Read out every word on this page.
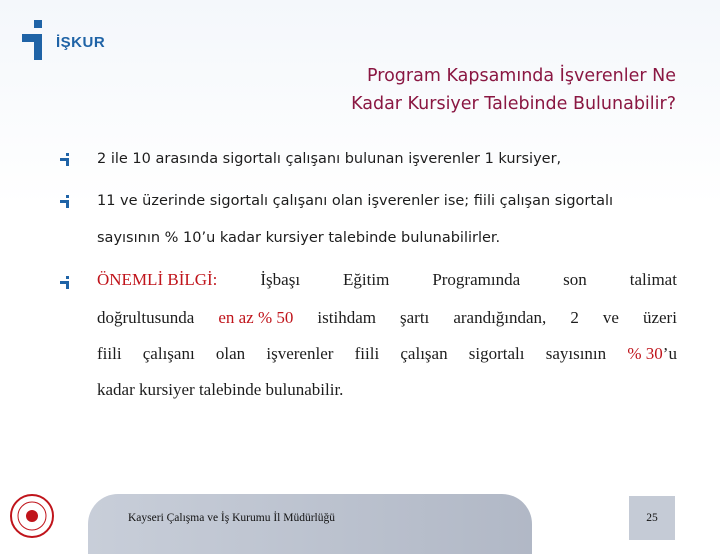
İŞKUR
Program Kapsamında İşverenler Ne
Kadar Kursiyer Talebinde Bulunabilir?
2 ile 10 arasında sigortalı çalışanı bulunan işverenler 1 kursiyer,
11 ve üzerinde sigortalı çalışanı olan işverenler ise; fiili çalışan sigortalı
sayısının % 10’u kadar kursiyer talebinde bulunabilirler.
ÖNEMLİ BİLGİ:	İşbaşı	Eğitim	Programında	son	talimat
doğrultusunda en az % 50 istihdam şartı arandığından, 2 ve üzeri
fiili çalışanı olan işverenler fiili çalışan sigortalı sayısının % 30’u
kadar kursiyer talebinde bulunabilir.
Kayseri Çalışma ve İş Kurumu İl Müdürlüğü	25
